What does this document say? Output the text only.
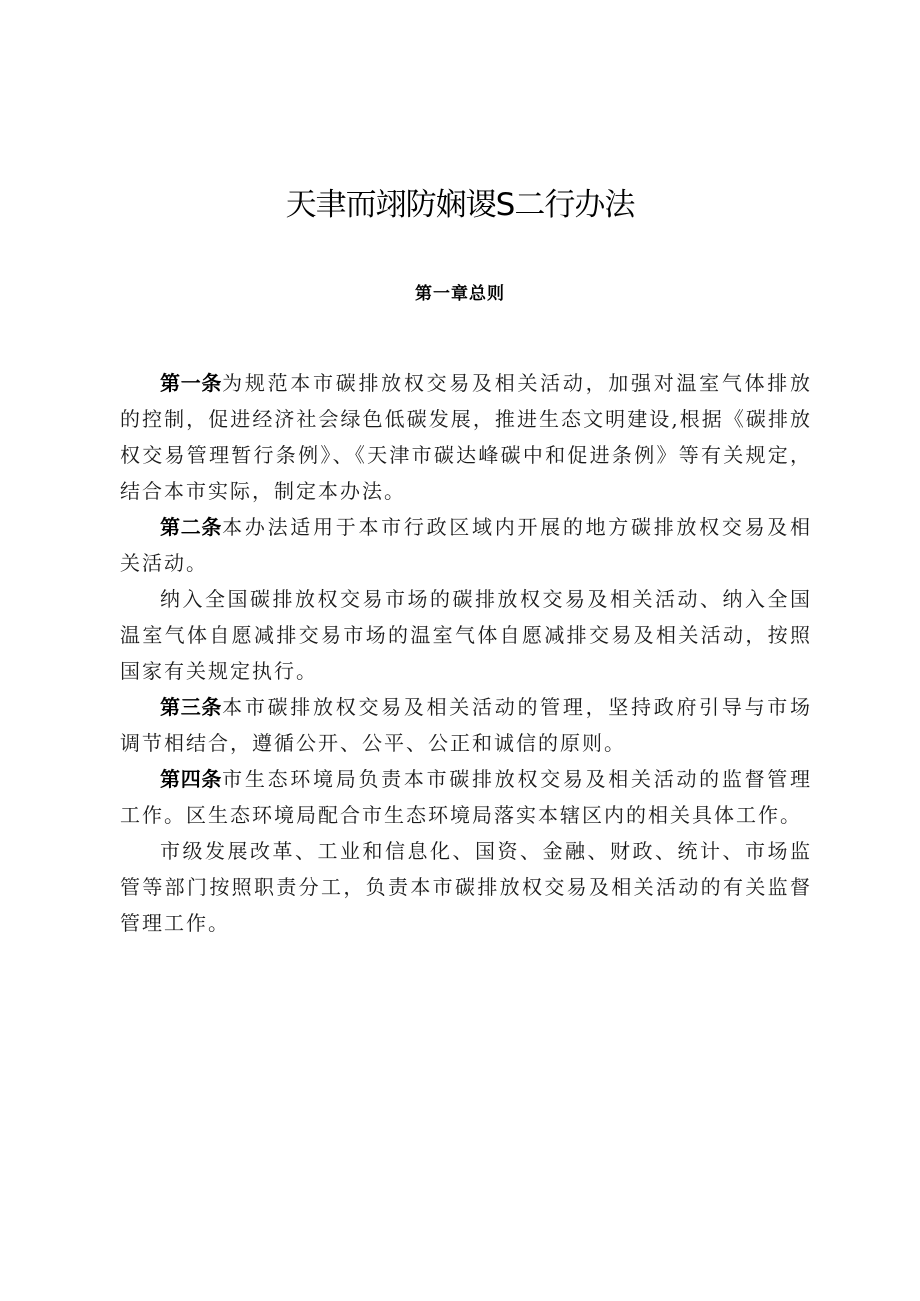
天聿而翊防娴谡S二行办法
第一章总则

第一条为规范本市碳排放权交易及相关活动，加强对温室气体排放的控制，促进经济社会绿色低碳发展，推进生态文明建设,根据《碳排放权交易管理暂行条例》、《天津市碳达峰碳中和促进条例》等有关规定，结合本市实际，制定本办法。

第二条本办法适用于本市行政区域内开展的地方碳排放权交易及相关活动。

纳入全国碳排放权交易市场的碳排放权交易及相关活动、纳入全国温室气体自愿减排交易市场的温室气体自愿减排交易及相关活动，按照国家有关规定执行。

第三条本市碳排放权交易及相关活动的管理，坚持政府引导与市场调节相结合，遵循公开、公平、公正和诚信的原则。

第四条市生态环境局负责本市碳排放权交易及相关活动的监督管理工作。区生态环境局配合市生态环境局落实本辖区内的相关具体工作。

市级发展改革、工业和信息化、国资、金融、财政、统计、市场监管等部门按照职责分工，负责本市碳排放权交易及相关活动的有关监督管理工作。
